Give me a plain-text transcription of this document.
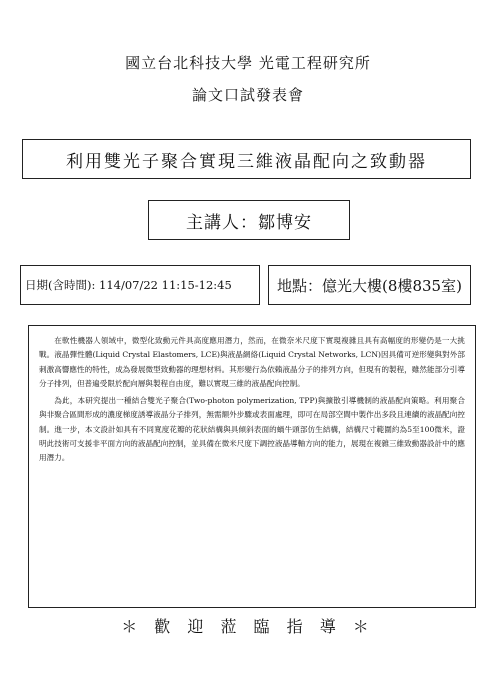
國立台北科技大學 光電工程研究所
論文口試發表會
利用雙光子聚合實現三維液晶配向之致動器
主講人：鄒博安
日期(含時間): 114/07/22 11:15-12:45	地點：億光大樓(8樓835室)

在軟性機器人領域中，微型化致動元件具高度應用潛力，然而，在微奈米尺度下實現複雜且具有高幅度的形變仍是一大挑戰。液晶彈性體(Liquid Crystal Elastomers, LCE)與液晶網絡(Liquid Crystal Networks, LCN)因具備可逆形變與對外部刺激高響應性的特性，成為發展微型致動器的理想材料。其形變行為依賴液晶分子的排列方向，但現有的製程，雖然能部分引導分子排列，但普遍受限於配向層與製程自由度，難以實現三維的液晶配向控制。

為此，本研究提出一種結合雙光子聚合(Two-photon polymerization, TPP)與擴散引導機制的液晶配向策略。利用聚合與非聚合區間形成的濃度梯度誘導液晶分子排列，無需額外步驟或表面處理，即可在局部空間中製作出多段且連續的液晶配向控制。進一步，本文設計如具有不同寬度花瓣的花狀結構與具傾斜表面的蝸牛頭部仿生結構，結構尺寸範圍約為5至100微米，證明此技術可支援非平面方向的液晶配向控制，並具備在微米尺度下調控液晶導軸方向的能力，展現在複雜三維致動器設計中的應用潛力。

＊ 歡 迎 蒞 臨 指 導 ＊
